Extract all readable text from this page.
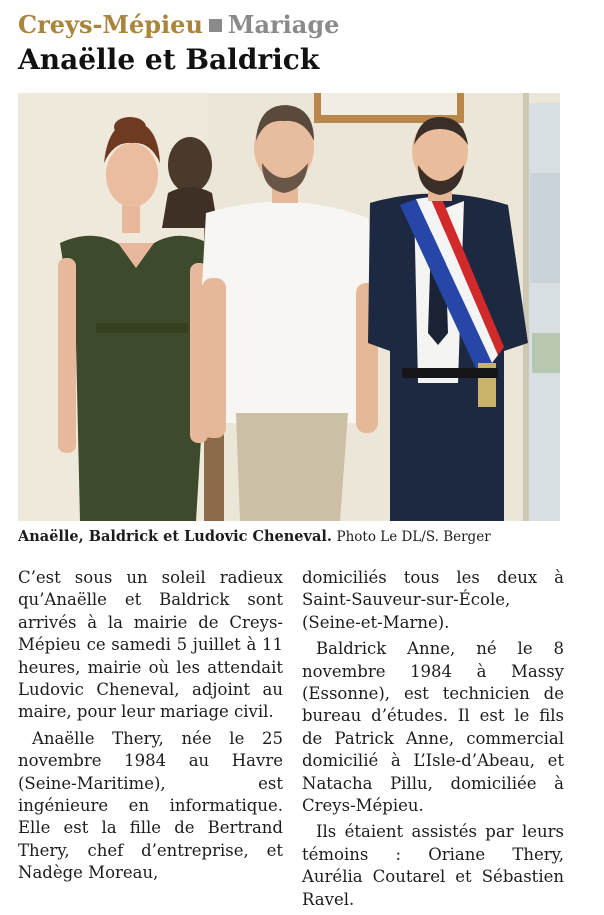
Creys-Mépieu Mariage
Anaëlle et Baldrick
Anaëlle, Baldrick et Ludovic Cheneval. Photo Le DL/S. Berger

C’est sous un soleil radieux qu’Anaëlle et Baldrick sont arrivés à la mairie de Creys-Mépieu ce samedi 5 juillet à 11 heures, mairie où les attendait Ludovic Cheneval, adjoint au maire, pour leur mariage civil.

Anaëlle Thery, née le 25 novembre 1984 au Havre (Seine-Maritime), est ingénieure en informatique. Elle est la fille de Bertrand Thery, chef d’entreprise, et Nadège Moreau,

domiciliés tous les deux à Saint-Sauveur-sur-École, (Seine-et-Marne).

Baldrick Anne, né le 8 novembre 1984 à Massy (Essonne), est technicien de bureau d’études. Il est le fils de Patrick Anne, commercial domicilié à L’Isle-d’Abeau, et Natacha Pillu, domiciliée à Creys-Mépieu.

Ils étaient assistés par leurs témoins : Oriane Thery, Aurélia Coutarel et Sébastien Ravel.
